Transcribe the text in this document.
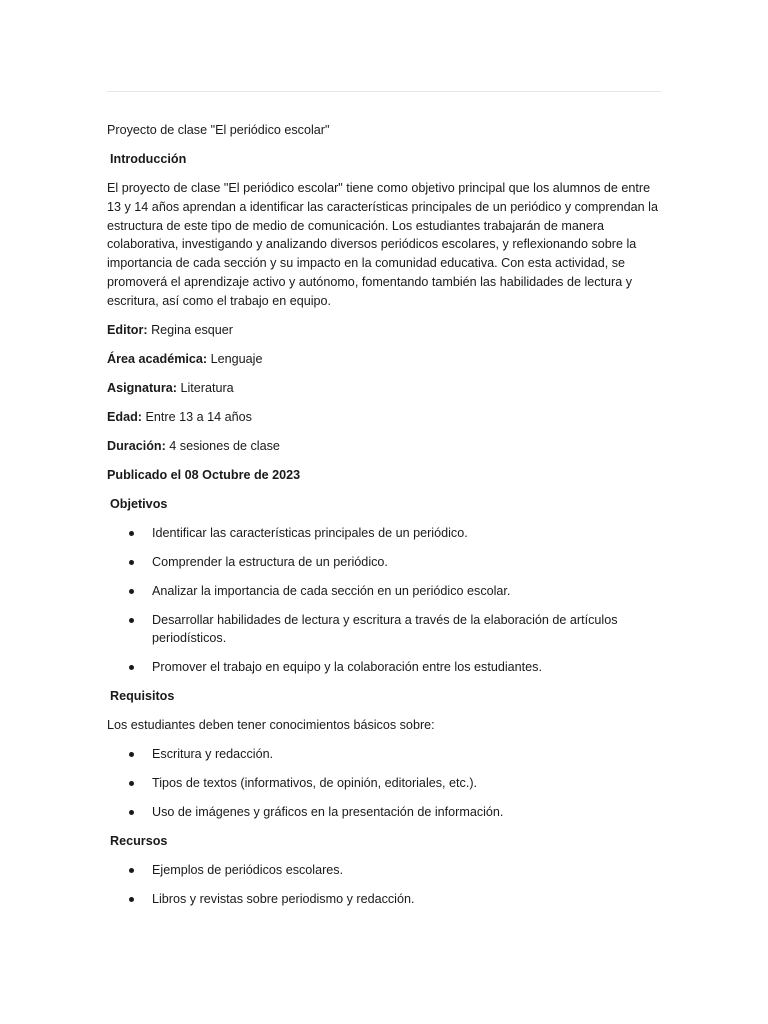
Proyecto de clase "El periódico escolar"

Introducción

El proyecto de clase "El periódico escolar" tiene como objetivo principal que los alumnos de entre 13 y 14 años aprendan a identificar las características principales de un periódico y comprendan la estructura de este tipo de medio de comunicación. Los estudiantes trabajarán de manera colaborativa, investigando y analizando diversos periódicos escolares, y reflexionando sobre la importancia de cada sección y su impacto en la comunidad educativa. Con esta actividad, se promoverá el aprendizaje activo y autónomo, fomentando también las habilidades de lectura y escritura, así como el trabajo en equipo.

Editor: Regina esquer

Área académica: Lenguaje

Asignatura: Literatura

Edad: Entre 13 a 14 años

Duración: 4 sesiones de clase

Publicado el 08 Octubre de 2023

Objetivos

Identificar las características principales de un periódico.
Comprender la estructura de un periódico.
Analizar la importancia de cada sección en un periódico escolar.
Desarrollar habilidades de lectura y escritura a través de la elaboración de artículos periodísticos.
Promover el trabajo en equipo y la colaboración entre los estudiantes.

Requisitos

Los estudiantes deben tener conocimientos básicos sobre:

Escritura y redacción.
Tipos de textos (informativos, de opinión, editoriales, etc.).
Uso de imágenes y gráficos en la presentación de información.

Recursos

Ejemplos de periódicos escolares.
Libros y revistas sobre periodismo y redacción.
